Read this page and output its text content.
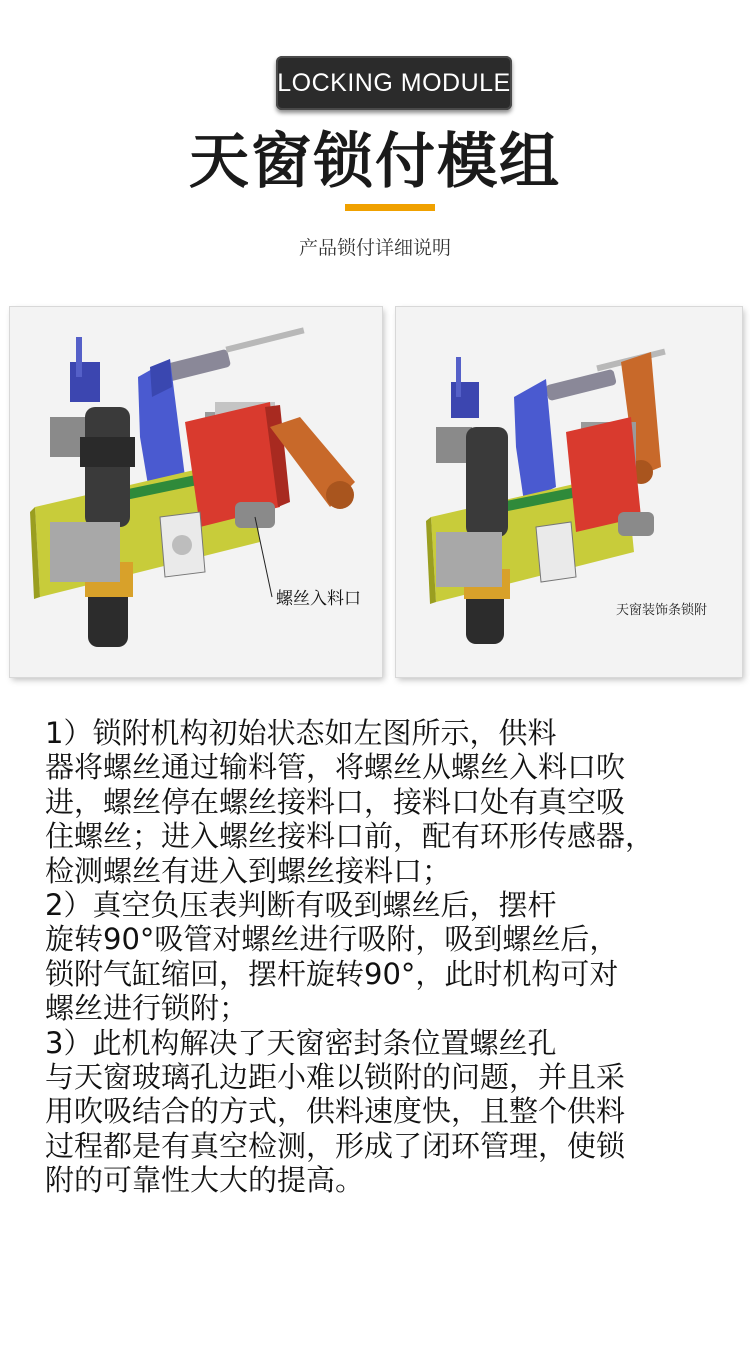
LOCKING MODULE
天窗锁付模组
产品锁付详细说明
螺丝入料口
天窗装饰条锁附
1）锁附机构初始状态如左图所示，供料
器将螺丝通过输料管，将螺丝从螺丝入料口吹
进，螺丝停在螺丝接料口，接料口处有真空吸
住螺丝；进入螺丝接料口前，配有环形传感器，
检测螺丝有进入到螺丝接料口；
2）真空负压表判断有吸到螺丝后，摆杆
旋转90°吸管对螺丝进行吸附，吸到螺丝后，
锁附气缸缩回，摆杆旋转90°，此时机构可对
螺丝进行锁附；
3）此机构解决了天窗密封条位置螺丝孔
与天窗玻璃孔边距小难以锁附的问题，并且采
用吹吸结合的方式，供料速度快，且整个供料
过程都是有真空检测，形成了闭环管理，使锁
附的可靠性大大的提高。
